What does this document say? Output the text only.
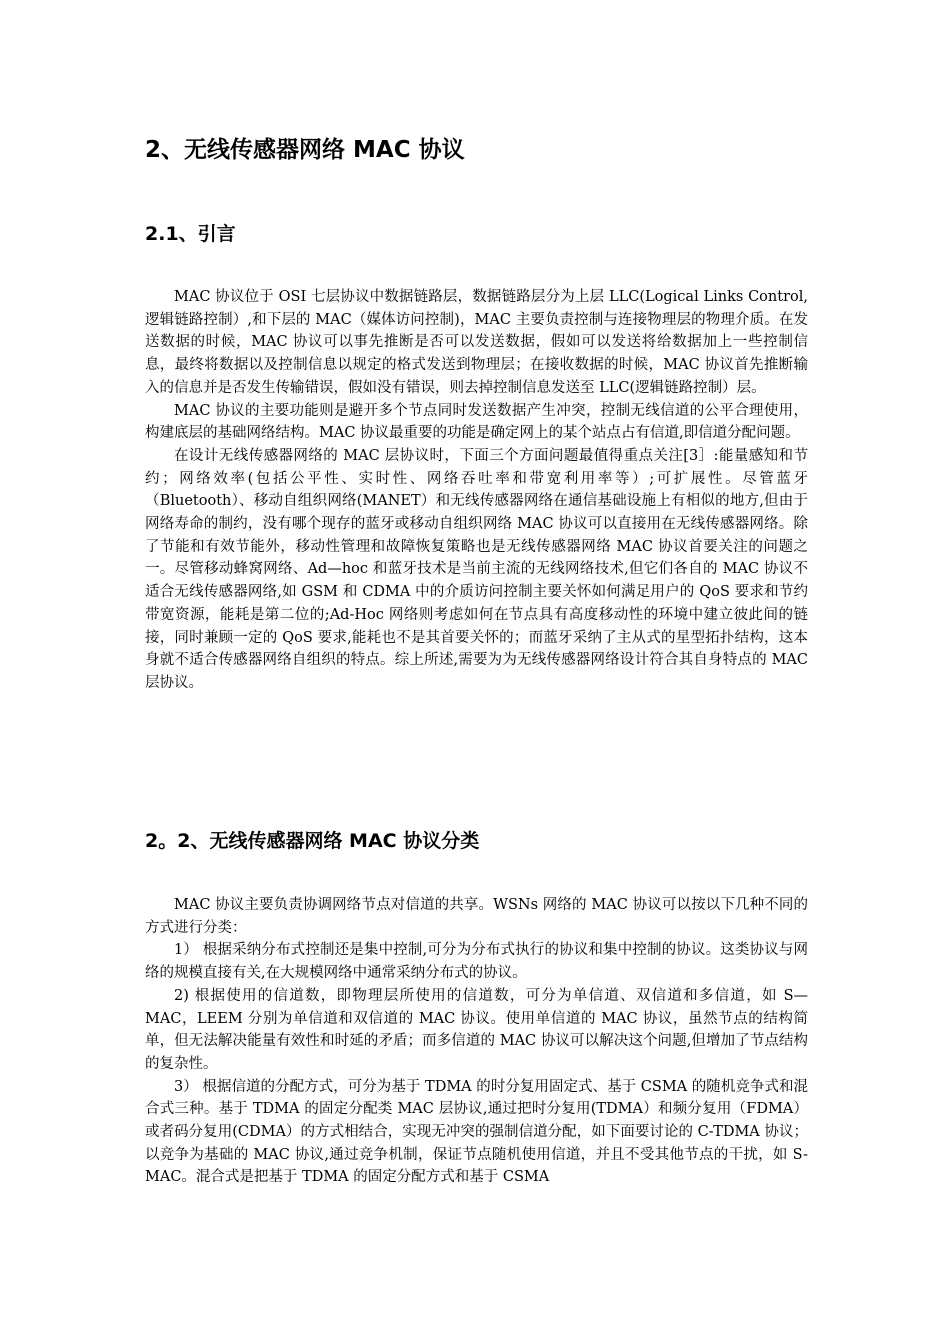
2、无线传感器网络 MAC 协议
2.1、引言

MAC 协议位于 OSI 七层协议中数据链路层，数据链路层分为上层 LLC(Logical Links Control,逻辑链路控制）,和下层的 MAC（媒体访问控制)，MAC 主要负责控制与连接物理层的物理介质。在发送数据的时候，MAC 协议可以事先推断是否可以发送数据，假如可以发送将给数据加上一些控制信息，最终将数据以及控制信息以规定的格式发送到物理层；在接收数据的时候，MAC 协议首先推断输入的信息并是否发生传输错误，假如没有错误，则去掉控制信息发送至 LLC(逻辑链路控制）层。

MAC 协议的主要功能则是避开多个节点同时发送数据产生冲突，控制无线信道的公平合理使用，构建底层的基础网络结构。MAC 协议最重要的功能是确定网上的某个站点占有信道,即信道分配问题。

在设计无线传感器网络的 MAC 层协议时，下面三个方面问题最值得重点关注[3］:能量感知和节约；网络效率(包括公平性、实时性、网络吞吐率和带宽利用率等）;可扩展性。尽管蓝牙（Bluetooth）、移动自组织网络(MANET）和无线传感器网络在通信基础设施上有相似的地方,但由于网络寿命的制约，没有哪个现存的蓝牙或移动自组织网络 MAC 协议可以直接用在无线传感器网络。除了节能和有效节能外，移动性管理和故障恢复策略也是无线传感器网络 MAC 协议首要关注的问题之一。尽管移动蜂窝网络、Ad—hoc 和蓝牙技术是当前主流的无线网络技术,但它们各自的 MAC 协议不适合无线传感器网络,如 GSM 和 CDMA 中的介质访问控制主要关怀如何满足用户的 QoS 要求和节约带宽资源，能耗是第二位的;Ad-Hoc 网络则考虑如何在节点具有高度移动性的环境中建立彼此间的链接，同时兼顾一定的 QoS 要求,能耗也不是其首要关怀的；而蓝牙采纳了主从式的星型拓扑结构，这本身就不适合传感器网络自组织的特点。综上所述,需要为为无线传感器网络设计符合其自身特点的 MAC 层协议。

2。2、无线传感器网络 MAC 协议分类

MAC 协议主要负责协调网络节点对信道的共享。WSNs 网络的 MAC 协议可以按以下几种不同的方式进行分类：

1） 根据采纳分布式控制还是集中控制,可分为分布式执行的协议和集中控制的协议。这类协议与网络的规模直接有关,在大规模网络中通常采纳分布式的协议。

2) 根据使用的信道数，即物理层所使用的信道数，可分为单信道、双信道和多信道，如 S—MAC，LEEM 分别为单信道和双信道的 MAC 协议。使用单信道的 MAC 协议，虽然节点的结构简单，但无法解决能量有效性和时延的矛盾；而多信道的 MAC 协议可以解决这个问题,但增加了节点结构的复杂性。

3） 根据信道的分配方式，可分为基于 TDMA 的时分复用固定式、基于 CSMA 的随机竞争式和混合式三种。基于 TDMA 的固定分配类 MAC 层协议,通过把时分复用(TDMA）和频分复用（FDMA）或者码分复用(CDMA）的方式相结合，实现无冲突的强制信道分配，如下面要讨论的 C-TDMA 协议；以竞争为基础的 MAC 协议,通过竞争机制，保证节点随机使用信道，并且不受其他节点的干扰，如 S-MAC。混合式是把基于 TDMA 的固定分配方式和基于 CSMA
